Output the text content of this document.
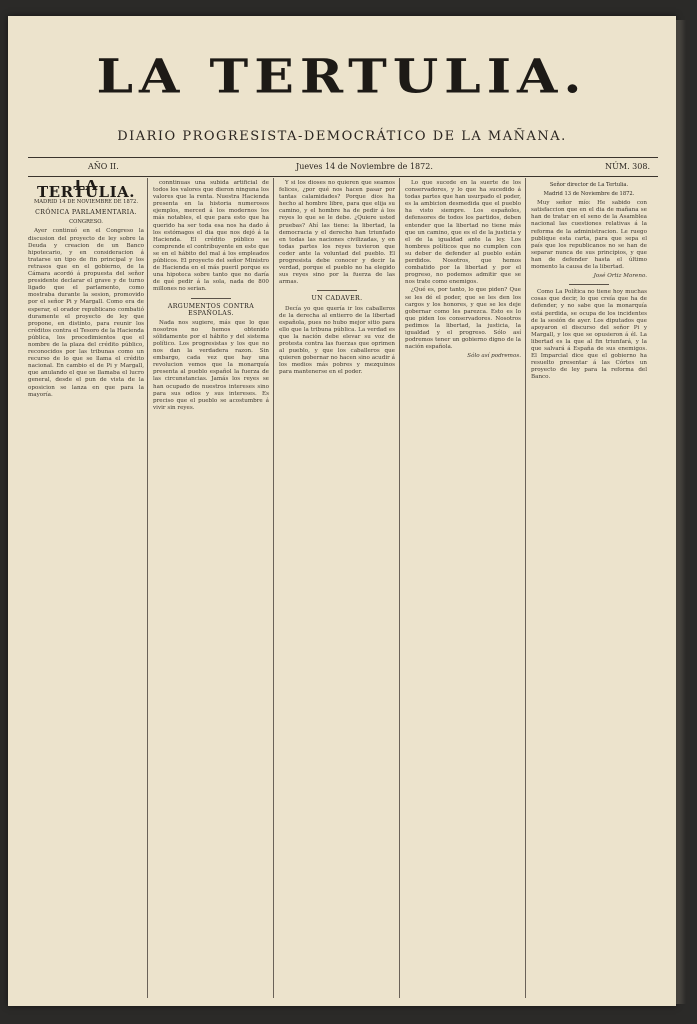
LA TERTULIA.
DIARIO PROGRESISTA-DEMOCRÁTICO DE LA MAÑANA.
AÑO II.	Jueves 14 de Noviembre de 1872.	NÚM. 308.
LA TERTULIA.
MADRID 14 DE NOVIEMBRE DE 1872.
CRÓNICA PARLAMENTARIA.
CONGRESO.

Ayer continuó en el Congreso la discusion del proyecto de ley sobre la Deuda y creacion de un Banco hipotecario, y en consideracion á tratarse un tipo de fin principal y los retrasos que en el gobierno, de la Cámara acordó á propuesta del señor presidente declarar el grave y de turno ligado que el parlamento, como mostraba durante la sesion, promovido por el señor Pi y Margall. Como era de esperar, el orador republicano combatió duramente el proyecto de ley que propone, en distinto, para reunir los créditos contra el Tesoro de la Hacienda pública, los procedimientos que el nombre de la plaza del crédito público, reconocidos por las tribunas como un recurso de lo que se llama el crédito nacional. En cambio el de Pi y Margall, que anulando el que se llamaba el lucro general, desde el pun de vista de la oposicion se lanza en que para la mayoría.

conntinuas una subida artificial de todos los valores que dieron ninguna los valores que la renta. Nuestra Hacienda presenta en la historia numerosos ejemplos, merced á los modernos los más notables, el que para esto que ha querido ha ser toda esa nos ha dado á los estómagos el dia que nos dejó á la Hacienda. El crédito público se comprende el contribuyente en este que se en el hábito del mal á los empleados públicos. El proyecto del señor Ministro de Hacienda en el más pueril porque es una hipoteca sobre tanto que no daría de qué pedir á la sola, nada de 800 millones no serian.

ARGUMENTOS CONTRA ESPAÑOLAS.

Nada nos sugiere, más que lo que nosotros no hemos obtenido sólidamente por el hábito y del sistema político. Los progresistas y los que no nos dan la verdadera razon. Sin embargo, cada vez que hay una revolucion vemos que la monarquía presenta al pueblo español la fuerza de las circunstancias. Jamás los reyes se han ocupado de nuestros intereses sino para sus odios y sus intereses. Es preciso que el pueblo se acostumbre á vivir sin reyes.

Y si los dioses no quieren que seamos felices, ¿por qué nos hacen pasar por tantas calamidades? Porque dios ha hecho al hombre libre, para que elija su camino, y el hombre ha de pedir á los reyes lo que se le debe. ¿Quiere usted pruebas? Ahí las tiene: la libertad, la democracia y el derecho han triunfado en todas las naciones civilizadas, y en todas partes los reyes tuvieron que ceder ante la voluntad del pueblo. El progresista debe conocer y decir la verdad, porque el pueblo no ha elegido sus reyes sino por la fuerza de las armas.

UN CADAVER.

Decía yo que quería ir los caballeros de la derecha al entierro de la libertad española, pues no hubo mejor sitio para ello que la tribuna pública. La verdad es que la nación debe elevar su voz de protesta contra las fuerzas que oprimen al pueblo, y que los caballeros que quieren gobernar no hacen sino acudir á los medios más pobres y mezquinos para mantenerse en el poder.

Lo que sucede en la suerte de los conservadores, y lo que ha sucedido á todas partes que han usurpado el poder, es la ambicion desmedida que el pueblo ha visto siempre. Los españoles, defensores de todos los partidos, deben entender que la libertad no tiene más que un camino, que es el de la justicia y el de la igualdad ante la ley. Los hombres políticos que no cumplen con su deber de defender al pueblo están perdidos. Nosotros, que hemos combatido por la libertad y por el progreso, no podemos admitir que se nos trate como enemigos.

¿Qué es, por tanto, lo que piden? Que se les dé el poder, que se les den los cargos y los honores, y que se les deje gobernar como les parezca. Esto es lo que piden los conservadores. Nosotros pedimos la libertad, la justicia, la igualdad y el progreso. Sólo así podremos tener un gobierno digno de la nación española.

Sólo así podremos.
Señor director de La Tertulia.
Madrid 13 de Noviembre de 1872.

Muy señor mío: He sabido con satisfaccion que en el dia de mañana se han de tratar en el seno de la Asamblea nacional las cuestiones relativas á la reforma de la administracion. Le ruego publique esta carta, para que sepa el país que los republicanos no se han de separar nunca de sus principios, y que han de defender hasta el último momento la causa de la libertad.

José Ortiz Moreno.

Como La Política no tiene hoy muchas cosas que decir, lo que creía que ha de defender, y no sabe que la monarquía está perdida, se ocupa de los incidentes de la sesión de ayer. Los diputados que apoyaron el discurso del señor Pi y Margall, y los que se opusieron á él. La libertad es la que al fin triunfará, y la que salvará á España de sus enemigos. El Imparcial dice que el gobierno ha resuelto presentar á las Córtes un proyecto de ley para la reforma del Banco.
